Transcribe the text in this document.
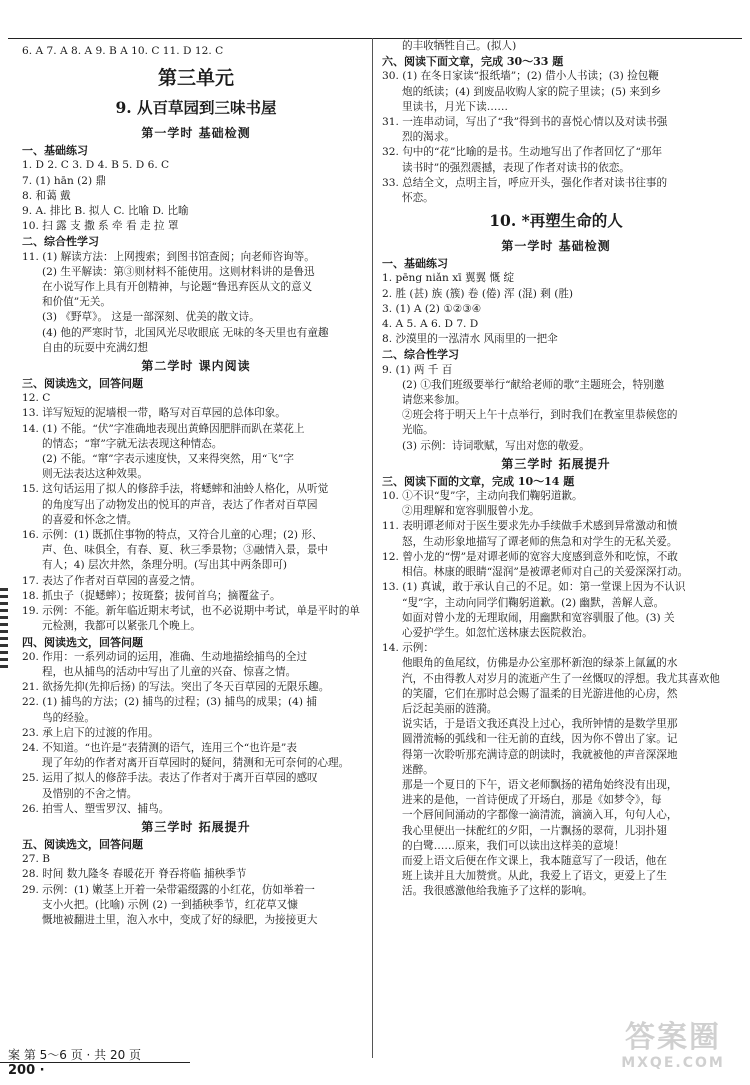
6. A 7. A 8. A 9. B A 10. C 11. D 12. C
第三单元
9. 从百草园到三味书屋
第一学时 基础检测
一、基础练习
1. D 2. C 3. D 4. B 5. D 6. C
7. (1) hān (2) 鼎
8. 和蔼 戴
9. A. 排比 B. 拟人 C. 比喻 D. 比喻
10. 扫 露 支 撒 系 牵 看 走 拉 罩
二、综合性学习
11. (1) 解读方法：上网搜索；到图书馆查阅；向老师咨询等。
(2) 生平解读：第③则材料不能使用。这则材料讲的是鲁迅
在小说写作上具有开创精神，与论题“鲁迅弃医从文的意义
和价值”无关。
(3) 《野草》。 这是一部深刻、优美的散文诗。
(4) 他的严寒时节，北国风光尽收眼底 无味的冬天里也有童趣
自由的玩耍中充满幻想
第二学时 课内阅读
三、阅读选文，回答问题
12. C
13. 详写短短的泥墙根一带，略写对百草园的总体印象。
14. (1) 不能。“伏”字准确地表现出黄蜂因肥胖而趴在菜花上
的情态；“窜”字就无法表现这种情态。
(2) 不能。“窜”字表示速度快，又来得突然，用“飞”字
则无法表达这种效果。
15. 这句话运用了拟人的修辞手法，将蟋蟀和油蛉人格化，从听觉
的角度写出了动物发出的悦耳的声音，表达了作者对百草园
的喜爱和怀念之情。
16. 示例：(1) 既抓住事物的特点，又符合儿童的心理；(2) 形、
声、色、味俱全，有春、夏、秋三季景物；③融情入景，景中
有人；4) 层次井然，条理分明。(写出其中两条即可)
17. 表达了作者对百草园的喜爱之情。
18. 抓虫子（捉蟋蟀）；按斑蝥；拔何首乌；摘覆盆子。
19. 示例：不能。新年临近期末考试，也不必说期中考试，单是平时的单
元检测，我都可以紧张几个晚上。
四、阅读选文，回答问题
20. 作用：一系列动词的运用，准确、生动地描绘捕鸟的全过
程，也从捕鸟的活动中写出了儿童的兴奋、惊喜之情。
21. 欲扬先抑(先抑后扬) 的写法。突出了冬天百草园的无限乐趣。
22. (1) 捕鸟的方法；(2) 捕鸟的过程；(3) 捕鸟的成果；(4) 捕
鸟的经验。
23. 承上启下的过渡的作用。
24. 不知道。“也许是”表猜测的语气，连用三个“也许是”表
现了年幼的作者对离开百草园时的疑问，猜测和无可奈何的心理。
25. 运用了拟人的修辞手法。表达了作者对于离开百草园的感叹
及惜别的不舍之情。
26. 拍雪人、塑雪罗汉、捕鸟。
第三学时 拓展提升
五、阅读选文，回答问题
27. B
28. 时间 数九隆冬 春暖花开 脊吞将临 捕秧季节
29. 示例：(1) 嫩茎上开着一朵带霜缀露的小红花，仿如举着一
支小火把。(比喻) 示例 (2) 一到插秧季节，红花草又慷
慨地被翻进土里，泡入水中，变成了好的绿肥，为接接更大
的丰收牺牲自己。(拟人)
六、阅读下面文章，完成 30～33 题
30. (1) 在冬日家读“报纸墙”；(2) 借小人书读；(3) 捡包鞭
炮的纸读；(4) 到废品收购人家的院子里读；(5) 来到乡
里读书，月光下读……
31. 一连串动词，写出了“我”得到书的喜悦心情以及对读书强
烈的渴求。
32. 句中的“花”比喻的是书。生动地写出了作者回忆了“那年
读书时”的强烈震撼，表现了作者对读书的依恋。
33. 总结全文，点明主旨，呼应开头，强化作者对读书往事的
怀恋。
10. *再塑生命的人
第一学时 基础检测
一、基础练习
1. pēng niǎn xī 翼翼 慨 绽
2. 胜 (甚) 族 (簇) 卷 (倦) 浑 (混) 剩 (胜)
3. (1) A (2) ①②③④
4. A 5. A 6. D 7. D
8. 沙漠里的一泓清水 风雨里的一把伞
二、综合性学习
9. (1) 两 千 百
(2) ①我们班级要举行“献给老师的歌”主题班会，特别邀
请您来参加。
②班会将于明天上午十点举行，到时我们在教室里恭候您的
光临。
(3) 示例：诗词歌赋，写出对您的敬爱。
第三学时 拓展提升
三、阅读下面的文章，完成 10～14 题
10. ①不识“叟”字，主动向我们鞠躬道歉。
②用理解和宽容驯服曾小龙。
11. 表明谭老师对于医生要求先办手续做手术感到异常激动和愤
怒，生动形象地描写了谭老师的焦急和对学生的无私关爱。
12. 曾小龙的“愣”是对谭老师的宽容大度感到意外和吃惊，不敢
相信。林康的眼睛“湿润”是被谭老师对自己的关爱深深打动。
13. (1) 真诚，敢于承认自己的不足。如：第一堂课上因为不认识
“叟”字，主动向同学们鞠躬道歉。(2) 幽默，善解人意。
如面对曾小龙的无理取闹，用幽默和宽容驯服了他。(3) 关
心爱护学生。如忽忙送林康去医院救治。
14. 示例：
他眼角的鱼尾纹，仿佛是办公室那杯新泡的绿茶上氤氲的水
汽，不由得教人对岁月的流逝产生了一丝慨叹的浮想。我尤其喜欢他
的笑靥，它们在那时总会赐了温柔的目光游进他的心房，然
后泛起美丽的涟漪。
说实话，于是语文我还真没上过心，我所钟情的是数学里那
圆滑流畅的弧线和一往无前的直线，因为你不曾出了家。记
得第一次聆听那充满诗意的朗读时，我就被他的声音深深地
迷醉。
那是一个夏日的下午，语文老师飘扬的裙角始终没有出现，
进来的是他，一首诗便成了开场白，那是《如梦令》，每
一个唇间间涌动的字都像一滴清流，滴滴入耳，句句人心，
我心里便出一抹酡红的夕阳，一片飘扬的翠荷，儿羽扑翅
的白鹭……原来，我们可以读出这样美的意境！
而爱上语文后便在作文课上，我本随意写了一段话，他在
班上读并且大加赞赏。从此，我爱上了语文，更爱上了生
活。我很感激他给我施予了这样的影响。
案 第 5～6 页 · 共 20 页
200 ·
答案圈
MXQE.COM
